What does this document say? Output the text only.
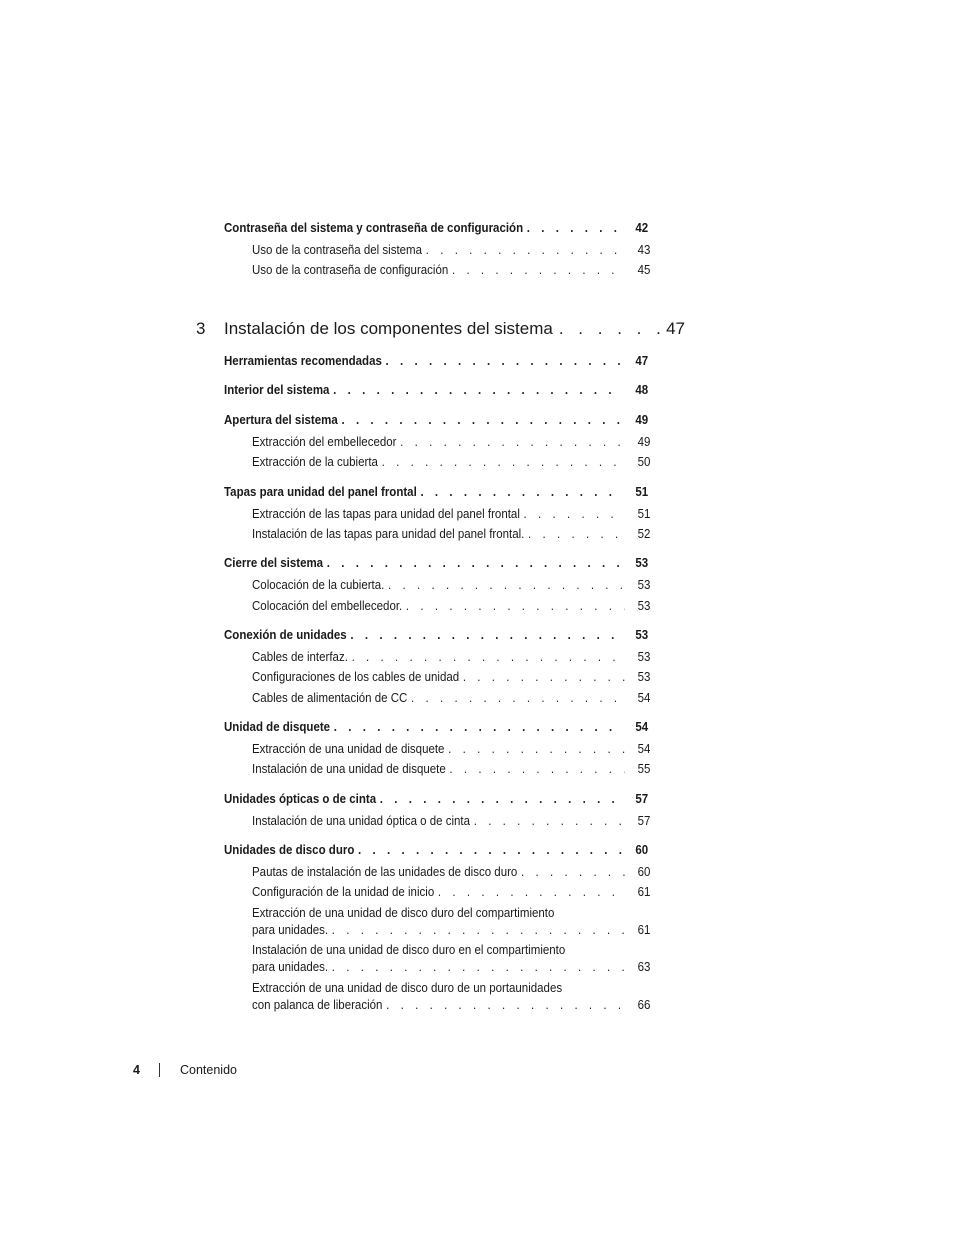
Contraseña del sistema y contraseña de configuración . . .	42
Uso de la contraseña del sistema . . .	43
Uso de la contraseña de configuración . . .	45
3	Instalación de los componentes del sistema . . .	47
Herramientas recomendadas . . .	47
Interior del sistema . . .	48
Apertura del sistema . . .	49
Extracción del embellecedor . . .	49
Extracción de la cubierta . . .	50
Tapas para unidad del panel frontal . . .	51
Extracción de las tapas para unidad del panel frontal . . .	51
Instalación de las tapas para unidad del panel frontal. . . .	52
Cierre del sistema . . .	53
Colocación de la cubierta. . . .	53
Colocación del embellecedor. . . .	53
Conexión de unidades . . .	53
Cables de interfaz. . . .	53
Configuraciones de los cables de unidad . . .	53
Cables de alimentación de CC . . .	54
Unidad de disquete . . .	54
Extracción de una unidad de disquete . . .	54
Instalación de una unidad de disquete . . .	55
Unidades ópticas o de cinta . . .	57
Instalación de una unidad óptica o de cinta . . .	57
Unidades de disco duro . . .	60
Pautas de instalación de las unidades de disco duro . . .	60
Configuración de la unidad de inicio . . .	61
Extracción de una unidad de disco duro del compartimiento
para unidades. . . .	61
Instalación de una unidad de disco duro en el compartimiento
para unidades. . . .	63
Extracción de una unidad de disco duro de un portaunidades
con palanca de liberación . . .	66
4	Contenido
